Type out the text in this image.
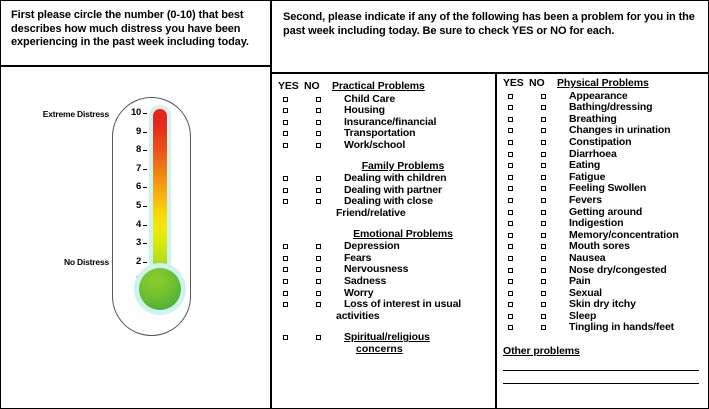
First please circle the number (0-10) that best describes how much distress you have been experiencing in the past week including today.
Second, please indicate if any of the following has been a problem for you in the past week including today. Be sure to check YES or NO for each.
Extreme Distress
No Distress
10
9
8
7
6
5
4
3
2
YES NO	Practical Problems
Child Care
Housing
Insurance/financial
Transportation
Work/school
Family Problems
Dealing with children
Dealing with partner
Dealing with close
Friend/relative
Emotional Problems
Depression
Fears
Nervousness
Sadness
Worry
Loss of interest in usual
activities
Spiritual/religious
concerns
YES NO	Physical Problems
Appearance
Bathing/dressing
Breathing
Changes in urination
Constipation
Diarrhoea
Eating
Fatigue
Feeling Swollen
Fevers
Getting around
Indigestion
Memory/concentration
Mouth sores
Nausea
Nose dry/congested
Pain
Sexual
Skin dry itchy
Sleep
Tingling in hands/feet
Other problems
